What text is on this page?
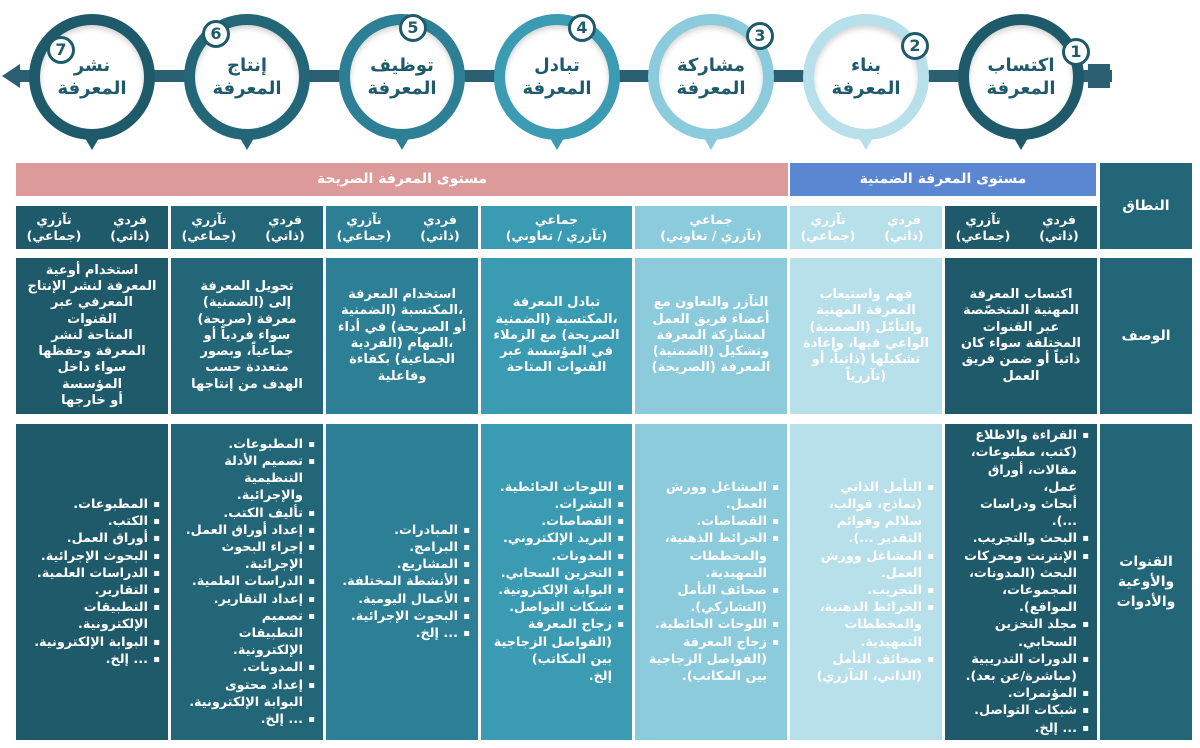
اكتساب
المعرفة
1
بناء
المعرفة
2
مشاركة
المعرفة
3
تبادل
المعرفة
4
توظيف
المعرفة
5
إنتاج
المعرفة
6
نشر
المعرفة
7
مستوى المعرفة الضمنية
مستوى المعرفة الصريحة
النطاق
الوصف
القنوات
والأوعية
والأدوات
فردي
(ذاتي)
تآزري
(جماعي)
فردي
(ذاتي)
تآزري
(جماعي)
جماعي
(تآزري / تعاوني)
جماعي
(تآزري / تعاوني)
فردي
(ذاتي)
تآزري
(جماعي)
فردي
(ذاتي)
تآزري
(جماعي)
فردي
(ذاتي)
تآزري
(جماعي)
اكتساب المعرفة
المهنية المتخصّصة
عبر القنوات
المختلفة سواء كان
ذاتياً أو ضمن فريق
العمل
فهم واستيعاب
المعرفة المهنية
(الضمنية) والتأمّل
الواعي فيها، وإعادة
تشكيلها (ذاتياً، أو
تآزرياً)
التآزر والتعاون مع
أعضاء فريق العمل
لمشاركة المعرفة
(الضمنية) وتشكيل
المعرفة (الصريحة)
تبادل المعرفة
المكتسبة (الضمنية،
الصريحة) مع الزملاء
في المؤسسة عبر
القنوات المتاحة
استخدام المعرفة
المكتسبة (الضمنية،
أو الصريحة) في أداء
المهام (الفردية،
الجماعية) بكفاءة
وفاعلية
تحويل المعرفة
(الضمنية) إلى
معرفة (صريحة)
سواء فردياً أو
جماعياً، وبصور
متعددة حسب
الهدف من إنتاجها
استخدام أوعية
المعرفة لنشر الإنتاج
المعرفي عبر القنوات
المتاحة لنشر
المعرفة وحفظها
سواء داخل
المؤسسة
أو خارجها
▪ القراءة والاطلاع
(كتب، مطبوعات،
مقالات، أوراق عمل،
أبحاث ودراسات ...).
▪ البحث والتجريب.
▪ الإنترنت ومحركات
البحث (المدونات،
المجموعات،
المواقع).
▪ مجلد التخزين
السحابي.
▪ الدورات التدريبية
(مباشرة/عن بعد).
▪ المؤتمرات.
▪ شبكات التواصل.
▪ ... إلخ.
▪ التأمل الذاتي
(نماذج، قوالب،
سلالم وقوائم
التقدير ...).
▪ المشاغل وورش
العمل.
▪ التجريب.
▪ الخرائط الذهنية،
والمخططات
التمهيدية.
▪ صحائف التأمل
(الذاتي، التآزري)
▪ المشاغل وورش
العمل.
▪ القصاصات.
▪ الخرائط الذهنية،
والمخططات
التمهيدية.
▪ صحائف التأمل
(التشاركي).
▪ اللوحات الحائطية.
▪ زجاج المعرفة
(الفواصل الزجاجية
بين المكاتب).
▪ اللوحات الحائطية.
▪ النشرات.
▪ القصاصات.
▪ البريد الإلكتروني.
▪ المدونات.
▪ التخزين السحابي.
▪ البوابة الإلكترونية.
▪ شبكات التواصل.
▪ زجاج المعرفة
(الفواصل الزجاجية
بين المكاتب)
إلخ.
▪ المبادرات.
▪ البرامج.
▪ المشاريع.
▪ الأنشطة المختلفة.
▪ الأعمال اليومية.
▪ البحوث الإجرائية.
▪ ... إلخ.
▪ المطبوعات.
▪ تصميم الأدلة
التنظيمية
والإجرائية.
▪ تأليف الكتب.
▪ إعداد أوراق العمل.
▪ إجراء البحوث
الإجرائية.
▪ الدراسات العلمية.
▪ إعداد التقارير.
▪ تصميم
التطبيقات
الإلكترونية.
▪ المدونات.
▪ إعداد محتوى
البوابة الإلكترونية.
▪ ... إلخ.
▪ المطبوعات.
▪ الكتب.
▪ أوراق العمل.
▪ البحوث الإجرائية.
▪ الدراسات العلمية.
▪ التقارير.
▪ التطبيقات
الإلكترونية.
▪ البوابة الإلكترونية.
▪ ... إلخ.
